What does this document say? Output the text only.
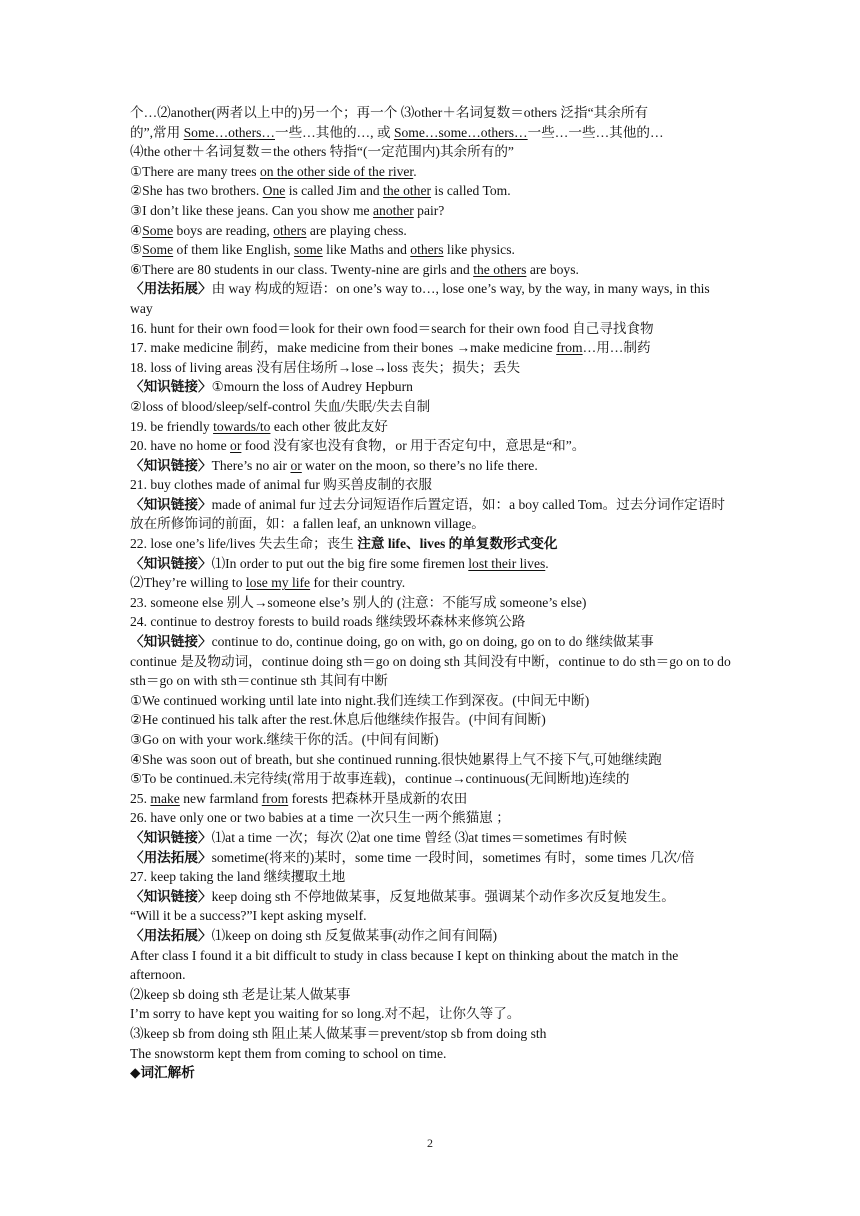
个…⑵another(两者以上中的)另一个；再一个 ⑶other＋名词复数＝others 泛指“其余所有
的”,常用 Some…others…一些…其他的…, 或 Some…some…others…一些…一些…其他的…
⑷the other＋名词复数＝the others 特指“(一定范围内)其余所有的”
①There are many trees on the other side of the river.
②She has two brothers. One is called Jim and the other is called Tom.
③I don’t like these jeans. Can you show me another pair?
④Some boys are reading, others are playing chess.
⑤Some of them like English, some like Maths and others like physics.
⑥There are 80 students in our class. Twenty-nine are girls and the others are boys.
〈用法拓展〉由 way 构成的短语：on one’s way to…, lose one’s way, by the way, in many ways, in this way
16. hunt for their own food＝look for their own food＝search for their own food 自己寻找食物
17. make medicine 制药，make medicine from their bones →make medicine from…用…制药
18. loss of living areas 没有居住场所→lose→loss 丧失；损失；丢失
〈知识链接〉①mourn the loss of Audrey Hepburn
②loss of blood/sleep/self-control 失血/失眠/失去自制
19. be friendly towards/to each other 彼此友好
20. have no home or food 没有家也没有食物，or 用于否定句中，意思是“和”。
〈知识链接〉There’s no air or water on the moon, so there’s no life there.
21. buy clothes made of animal fur 购买兽皮制的衣服
〈知识链接〉made of animal fur 过去分词短语作后置定语，如：a boy called Tom。过去分词作定语时放在所修饰词的前面，如：a fallen leaf, an unknown village。
22. lose one’s life/lives 失去生命；丧生 注意 life、lives 的单复数形式变化
〈知识链接〉⑴In order to put out the big fire some firemen lost their lives.
⑵They’re willing to lose my life for their country.
23. someone else 别人→someone else’s 别人的 (注意：不能写成 someone’s else)
24. continue to destroy forests to build roads 继续毁坏森林来修筑公路
〈知识链接〉continue to do, continue doing, go on with, go on doing, go on to do 继续做某事
continue 是及物动词，continue doing sth＝go on doing sth 其间没有中断，continue to do sth＝go on to do sth＝go on with sth＝continue sth 其间有中断
①We continued working until late into night.我们连续工作到深夜。(中间无中断)
②He continued his talk after the rest.休息后他继续作报告。(中间有间断)
③Go on with your work.继续干你的活。(中间有间断)
④She was soon out of breath, but she continued running.很快她累得上气不接下气,可她继续跑
⑤To be continued.未完待续(常用于故事连载)，continue→continuous(无间断地)连续的
25. make new farmland from forests 把森林开垦成新的农田
26. have only one or two babies at a time 一次只生一两个熊猫崽 ；
〈知识链接〉⑴at a time 一次；每次 ⑵at one time 曾经 ⑶at times＝sometimes 有时候
〈用法拓展〉sometime(将来的)某时，some time 一段时间，sometimes 有时，some times 几次/倍
27. keep taking the land 继续攫取土地
〈知识链接〉keep doing sth 不停地做某事，反复地做某事。强调某个动作多次反复地发生。
“Will it be a success?”I kept asking myself.
〈用法拓展〉⑴keep on doing sth 反复做某事(动作之间有间隔)
After class I found it a bit difficult to study in class because I kept on thinking about the match in the afternoon.
⑵keep sb doing sth 老是让某人做某事
I’m sorry to have kept you waiting for so long.对不起，让你久等了。
⑶keep sb from doing sth 阻止某人做某事＝prevent/stop sb from doing sth
The snowstorm kept them from coming to school on time.
◆词汇解析
2
